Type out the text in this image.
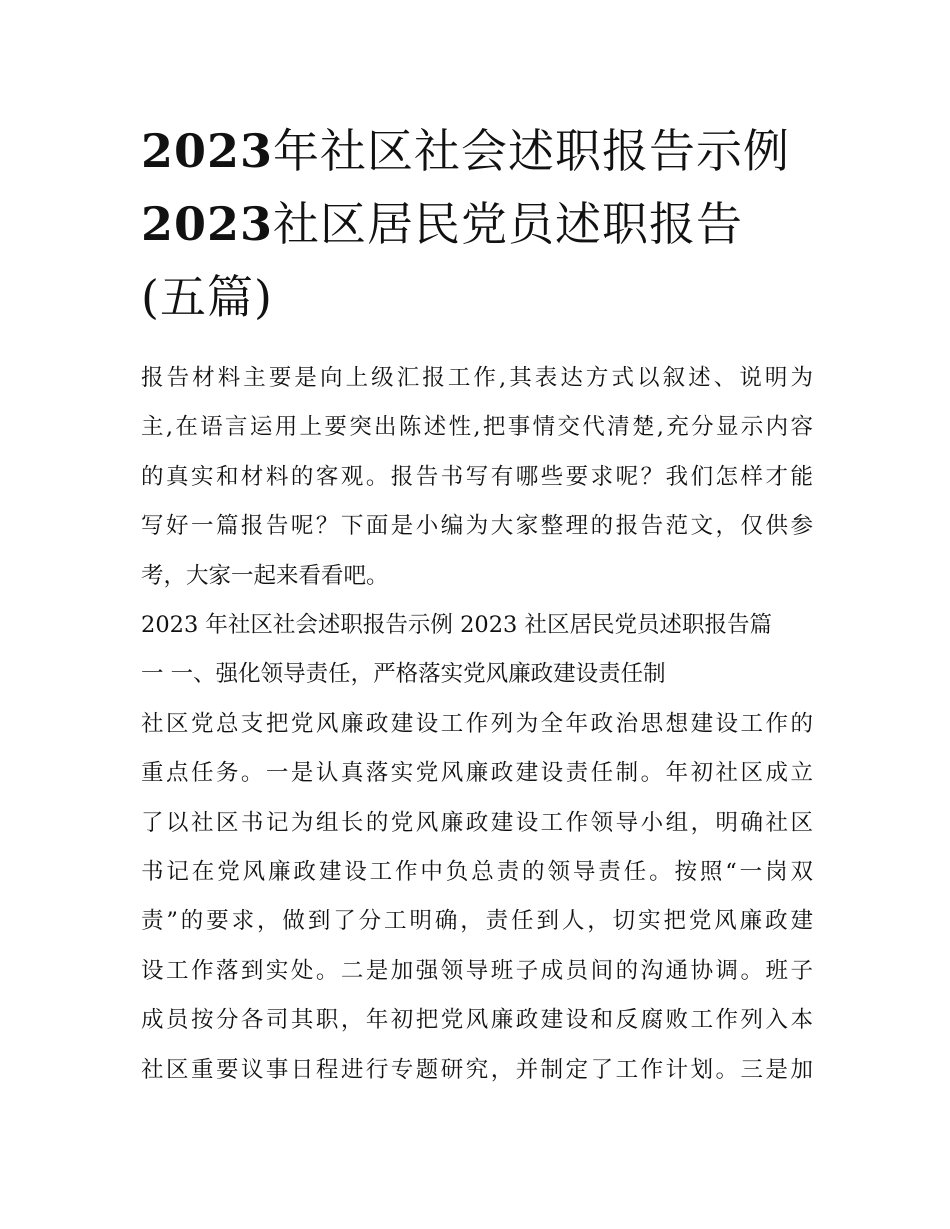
2023年社区社会述职报告示例
2023社区居民党员述职报告
(五篇)
报告材料主要是向上级汇报工作,其表达方式以叙述、说明为
主,在语言运用上要突出陈述性,把事情交代清楚,充分显示内容
的真实和材料的客观。报告书写有哪些要求呢？我们怎样才能
写好一篇报告呢？下面是小编为大家整理的报告范文，仅供参
考，大家一起来看看吧。
2023 年社区社会述职报告示例 2023 社区居民党员述职报告篇
一 一、强化领导责任，严格落实党风廉政建设责任制
社区党总支把党风廉政建设工作列为全年政治思想建设工作的
重点任务。一是认真落实党风廉政建设责任制。年初社区成立
了以社区书记为组长的党风廉政建设工作领导小组，明确社区
书记在党风廉政建设工作中负总责的领导责任。按照“一岗双
责”的要求，做到了分工明确，责任到人，切实把党风廉政建
设工作落到实处。二是加强领导班子成员间的沟通协调。班子
成员按分各司其职，年初把党风廉政建设和反腐败工作列入本
社区重要议事日程进行专题研究，并制定了工作计划。三是加
